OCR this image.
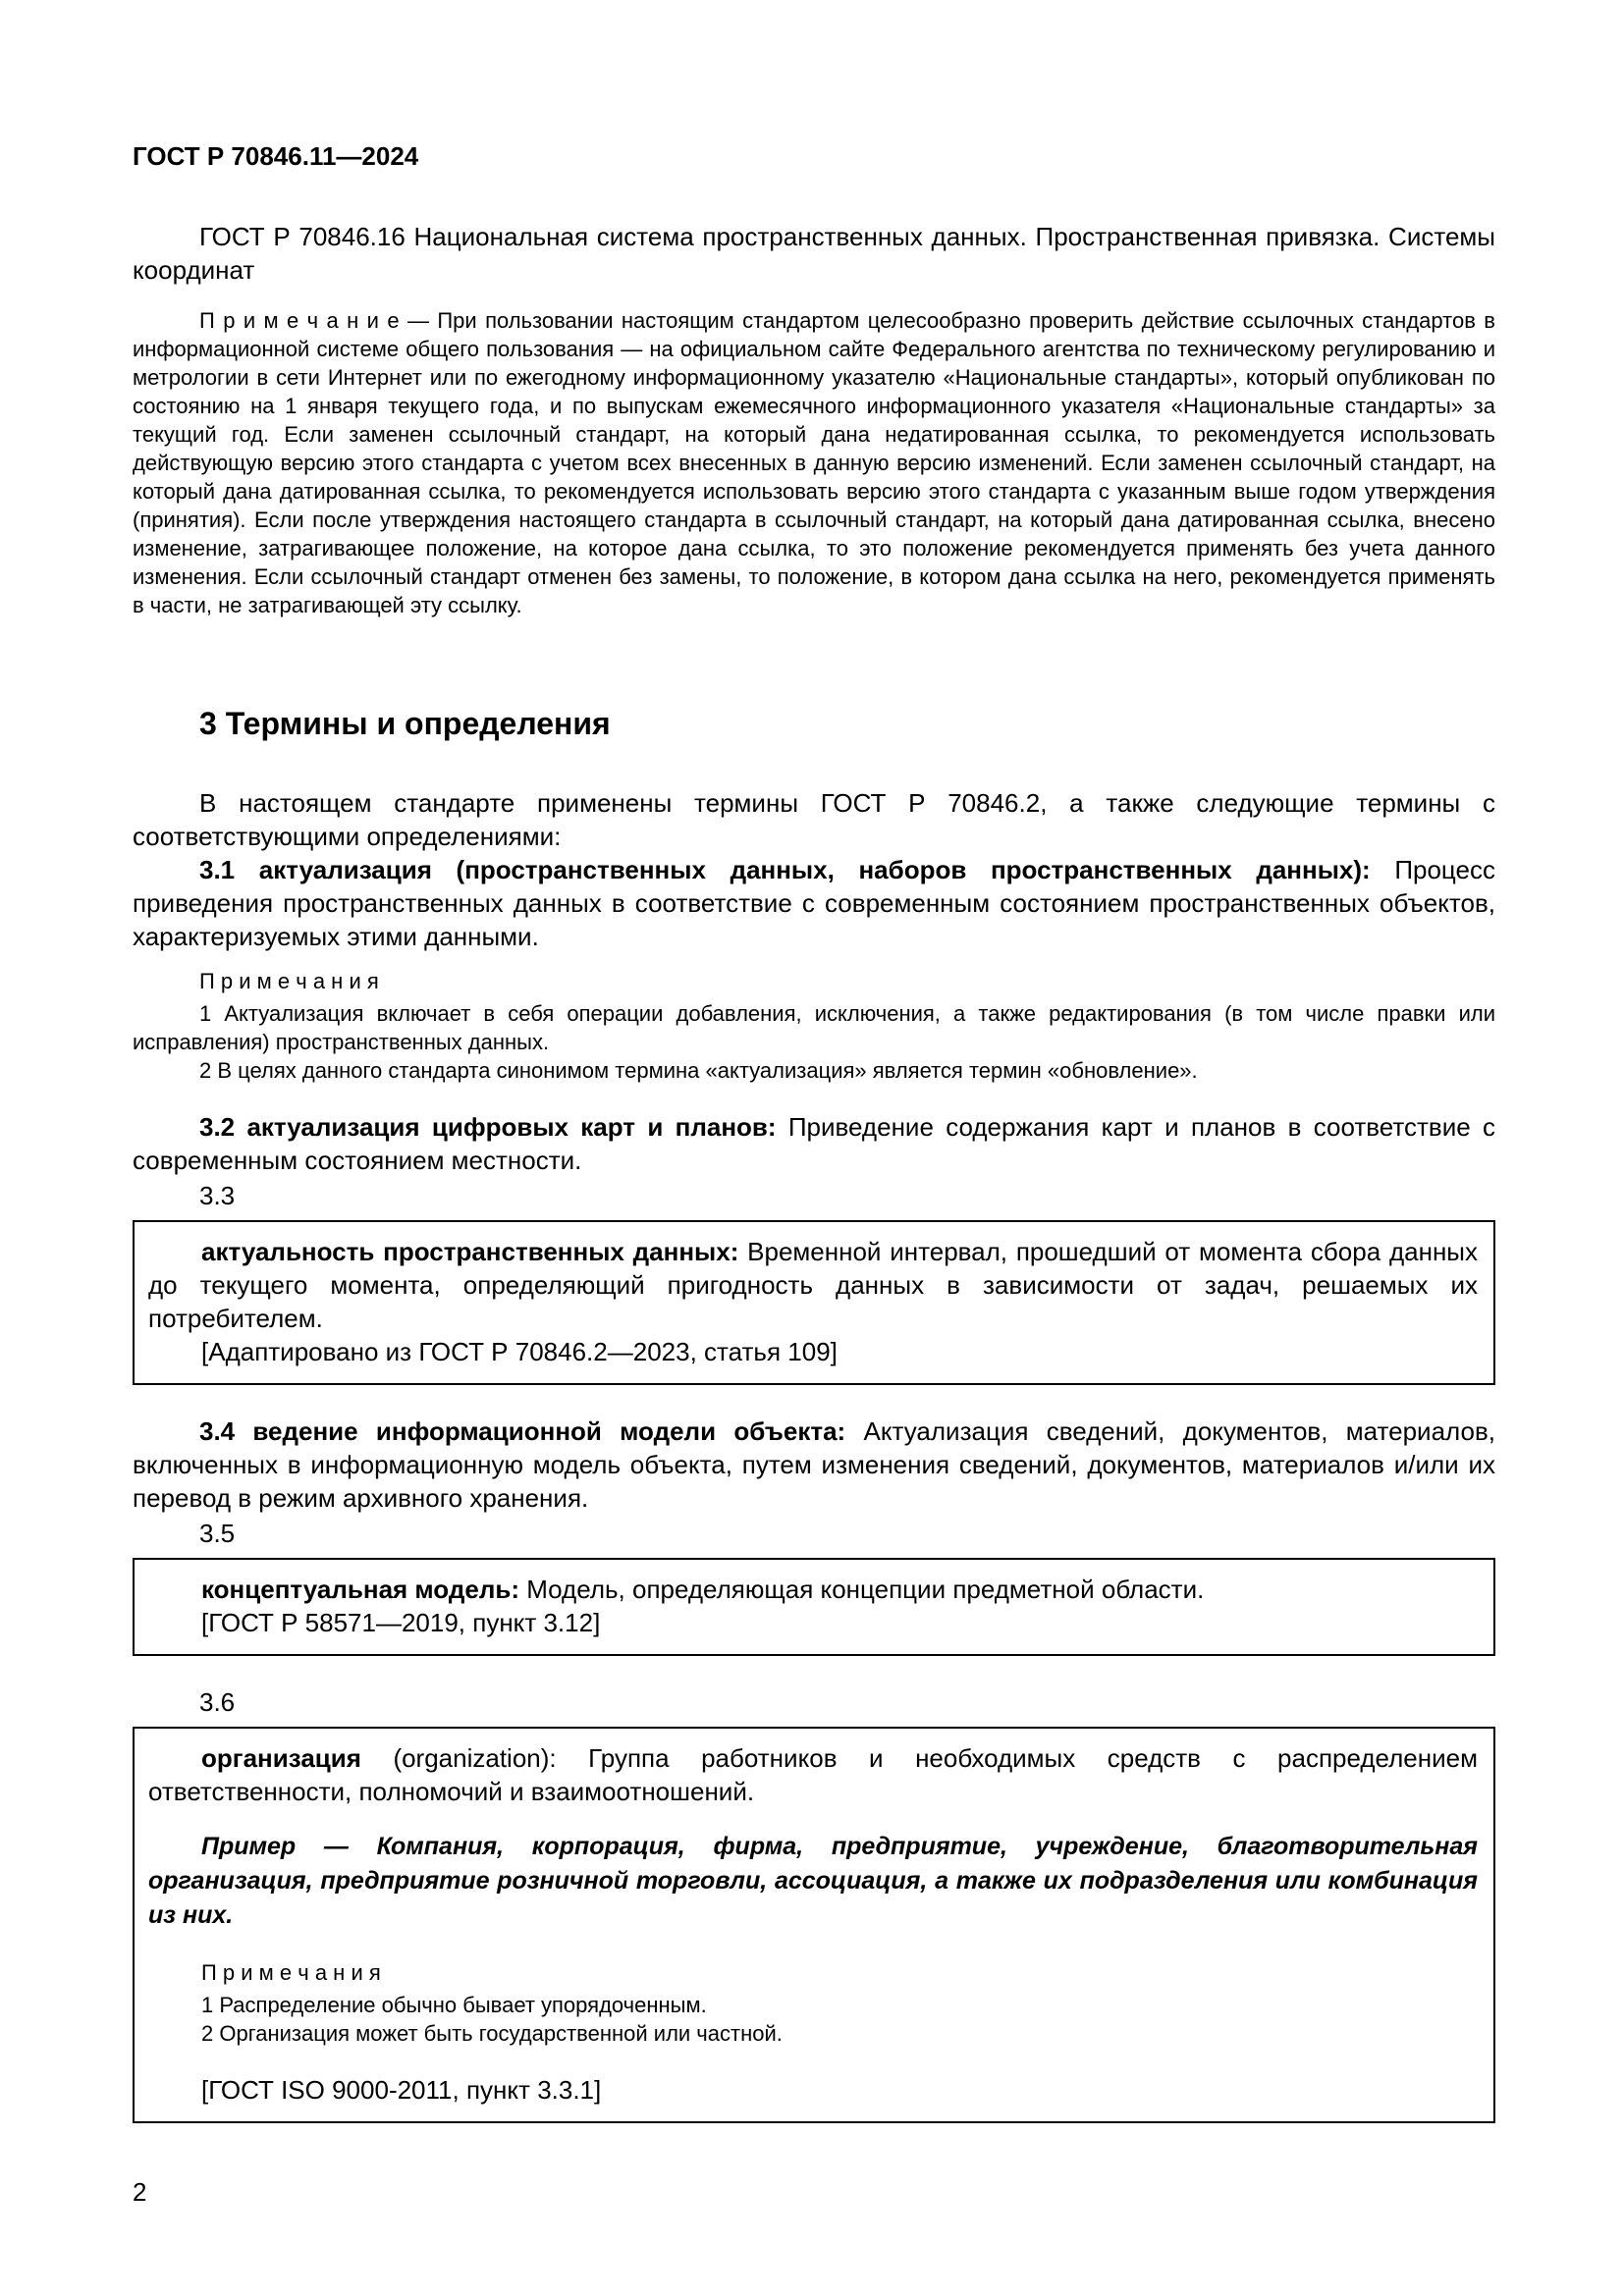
ГОСТ Р 70846.11—2024

ГОСТ Р 70846.16 Национальная система пространственных данных. Пространственная привязка. Системы координат

П р и м е ч а н и е — При пользовании настоящим стандартом целесообразно проверить действие ссылочных стандартов в информационной системе общего пользования — на официальном сайте Федерального агентства по техническому регулированию и метрологии в сети Интернет или по ежегодному информационному указателю «Национальные стандарты», который опубликован по состоянию на 1 января текущего года, и по выпускам ежемесячного информационного указателя «Национальные стандарты» за текущий год. Если заменен ссылочный стандарт, на который дана недатированная ссылка, то рекомендуется использовать действующую версию этого стандарта с учетом всех внесенных в данную версию изменений. Если заменен ссылочный стандарт, на который дана датированная ссылка, то рекомендуется использовать версию этого стандарта с указанным выше годом утверждения (принятия). Если после утверждения настоящего стандарта в ссылочный стандарт, на который дана датированная ссылка, внесено изменение, затрагивающее положение, на которое дана ссылка, то это положение рекомендуется применять без учета данного изменения. Если ссылочный стандарт отменен без замены, то положение, в котором дана ссылка на него, рекомендуется применять в части, не затрагивающей эту ссылку.

3 Термины и определения

В настоящем стандарте применены термины ГОСТ Р 70846.2, а также следующие термины с соответствующими определениями:

3.1 актуализация (пространственных данных, наборов пространственных данных): Процесс приведения пространственных данных в соответствие с современным состоянием пространственных объектов, характеризуемых этими данными.

П р и м е ч а н и я

1 Актуализация включает в себя операции добавления, исключения, а также редактирования (в том числе правки или исправления) пространственных данных.

2 В целях данного стандарта синонимом термина «актуализация» является термин «обновление».

3.2 актуализация цифровых карт и планов: Приведение содержания карт и планов в соответствие с современным состоянием местности.

3.3

актуальность пространственных данных: Временной интервал, прошедший от момента сбора данных до текущего момента, определяющий пригодность данных в зависимости от задач, решаемых их потребителем.

[Адаптировано из ГОСТ Р 70846.2—2023, статья 109]

3.4 ведение информационной модели объекта: Актуализация сведений, документов, материалов, включенных в информационную модель объекта, путем изменения сведений, документов, материалов и/или их перевод в режим архивного хранения.

3.5

концептуальная модель: Модель, определяющая концепции предметной области.

[ГОСТ Р 58571—2019, пункт 3.12]

3.6

организация (organization): Группа работников и необходимых средств с распределением ответственности, полномочий и взаимоотношений.

Пример — Компания, корпорация, фирма, предприятие, учреждение, благотворительная организация, предприятие розничной торговли, ассоциация, а также их подразделения или комбинация из них.

П р и м е ч а н и я

1 Распределение обычно бывает упорядоченным.

2 Организация может быть государственной или частной.

[ГОСТ ISO 9000-2011, пункт 3.3.1]

2
